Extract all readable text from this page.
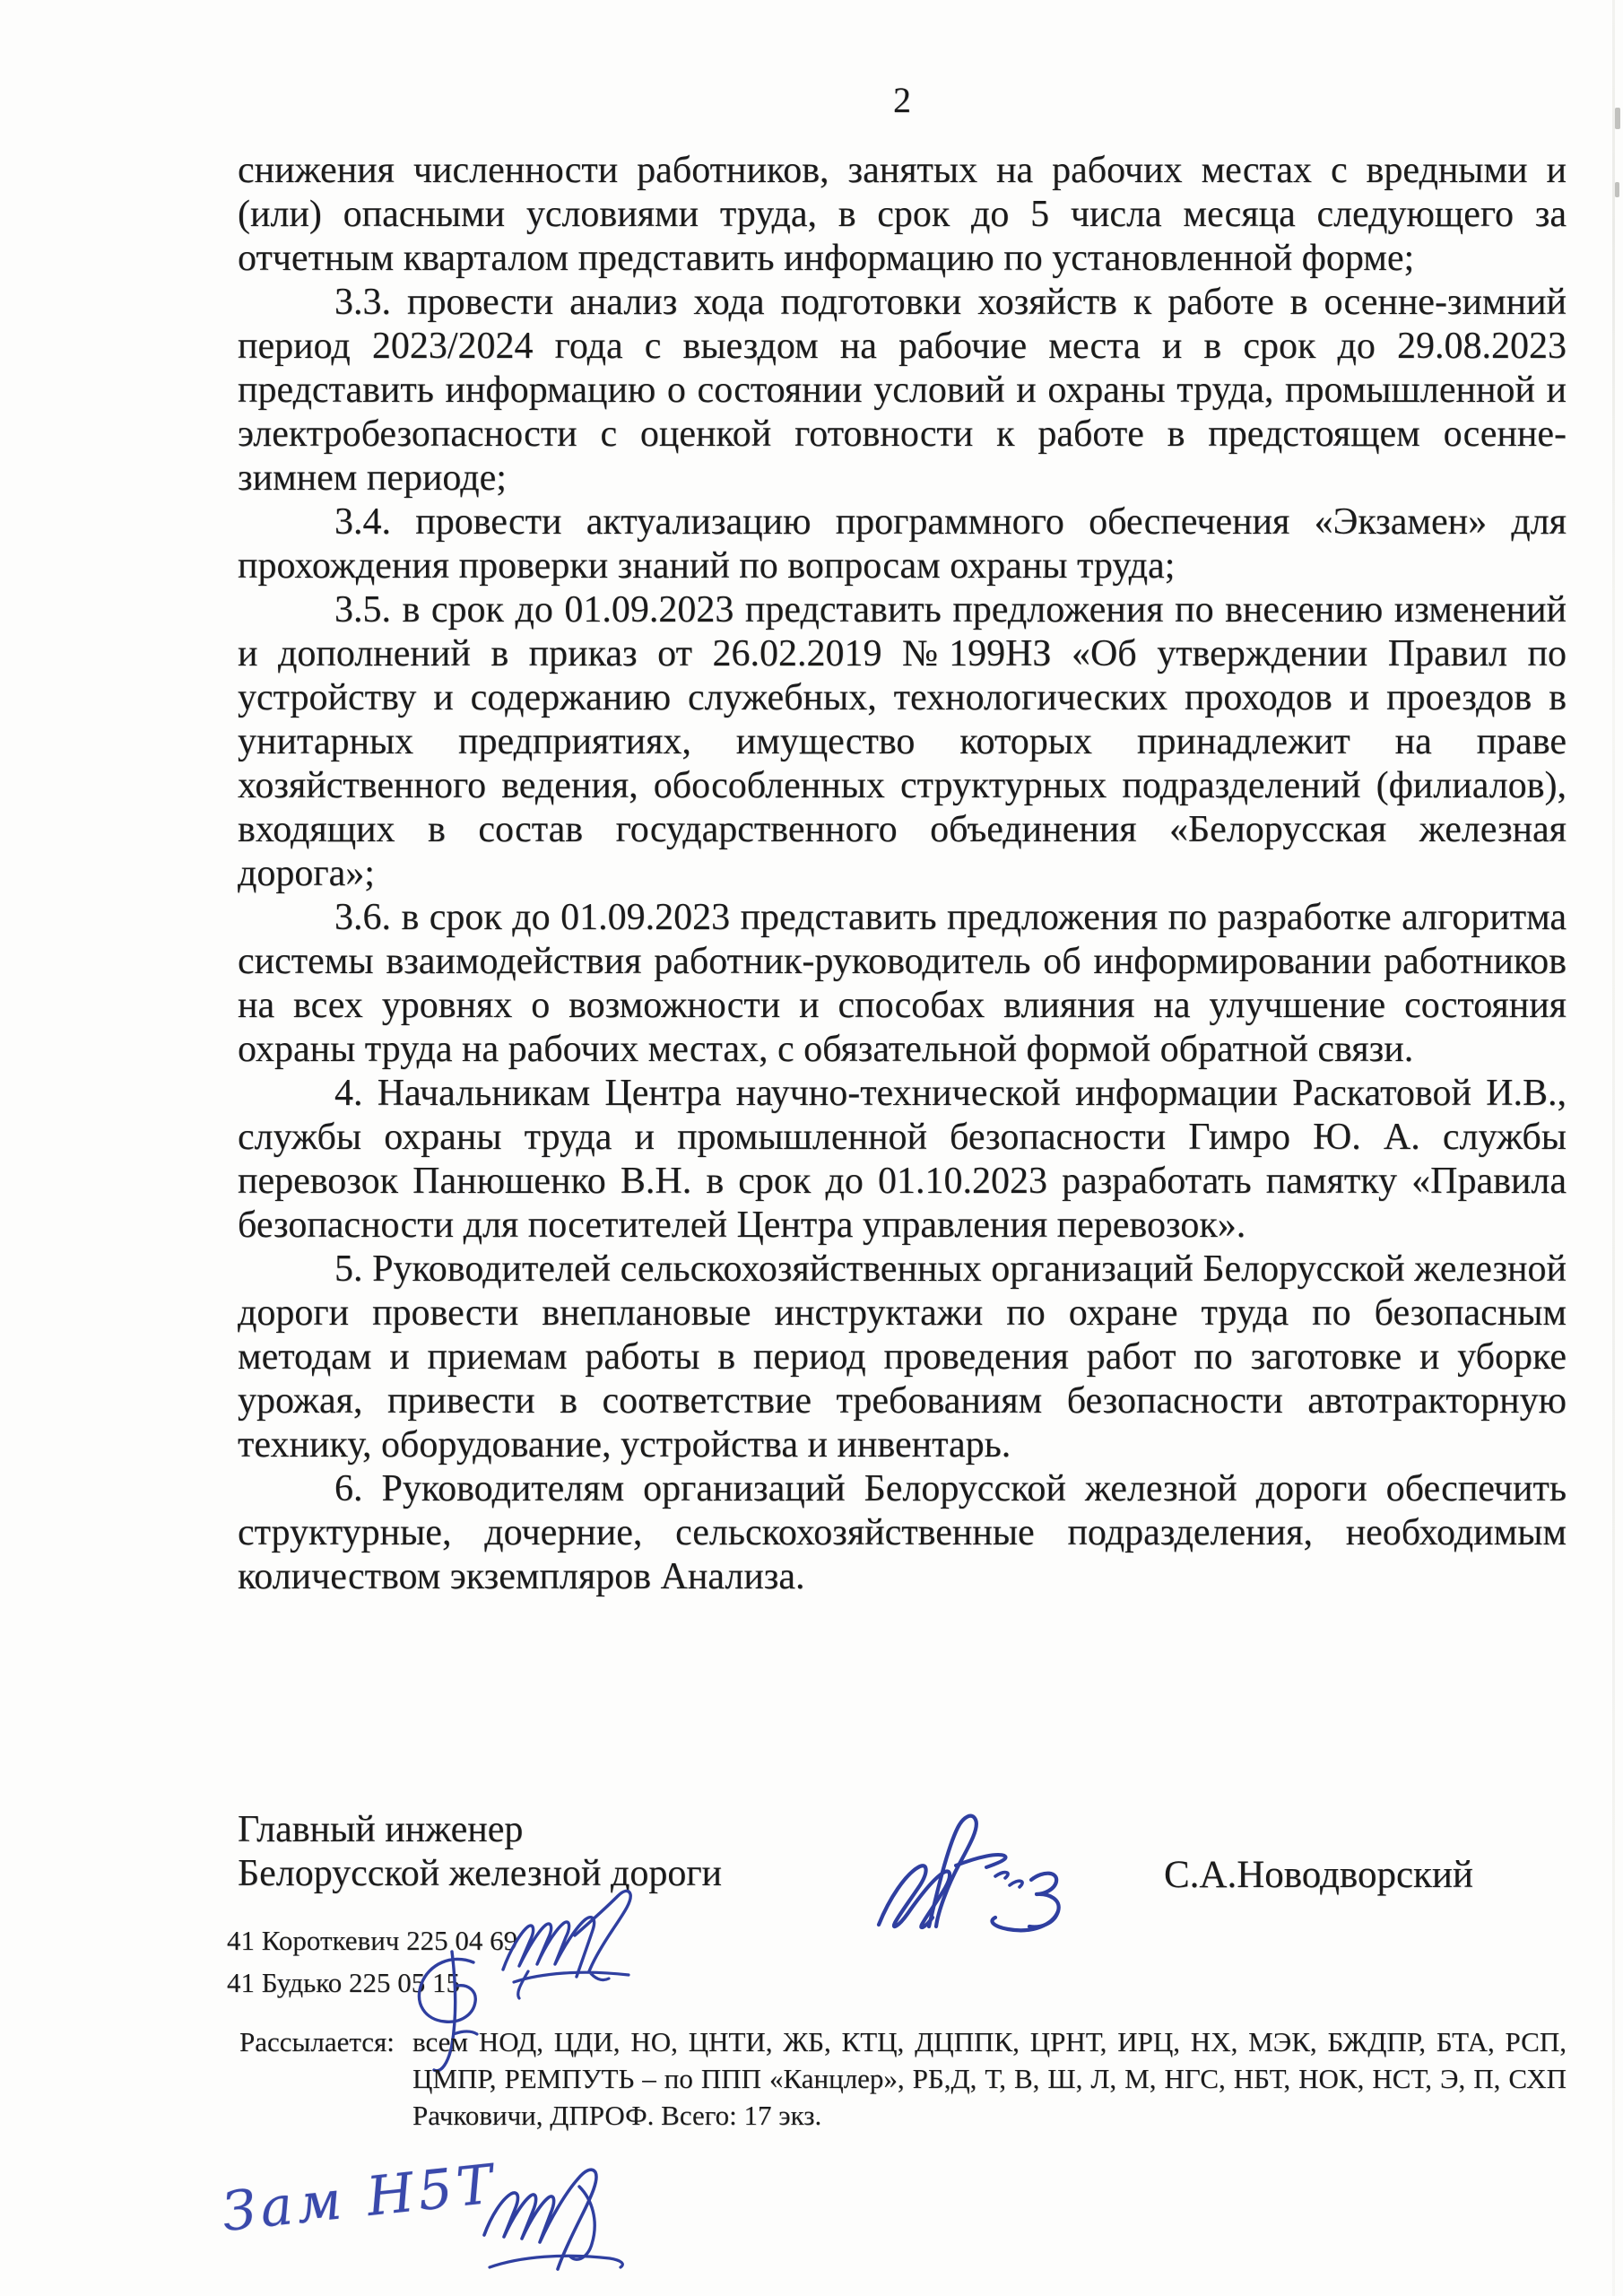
2

снижения численности работников, занятых на рабочих местах с вредными и (или) опасными условиями труда, в срок до 5 числа месяца следующего за отчетным кварталом представить информацию по установленной форме;

3.3. провести анализ хода подготовки хозяйств к работе в осенне-зимний период 2023/2024 года с выездом на рабочие места и в срок до 29.08.2023 представить информацию о состоянии условий и охраны труда, промышленной и электробезопасности с оценкой готовности к работе в предстоящем осенне-зимнем периоде;

3.4. провести актуализацию программного обеспечения «Экзамен» для прохождения проверки знаний по вопросам охраны труда;

3.5. в срок до 01.09.2023 представить предложения по внесению изменений и дополнений в приказ от 26.02.2019 №199НЗ «Об утверждении Правил по устройству и содержанию служебных, технологических проходов и проездов в унитарных предприятиях, имущество которых принадлежит на праве хозяйственного ведения, обособленных структурных подразделений (филиалов), входящих в состав государственного объединения «Белорусская железная дорога»;

3.6. в срок до 01.09.2023 представить предложения по разработке алгоритма системы взаимодействия работник-руководитель об информировании работников на всех уровнях о возможности и способах влияния на улучшение состояния охраны труда на рабочих местах, с обязательной формой обратной связи.

4. Начальникам Центра научно-технической информации Раскатовой И.В., службы охраны труда и промышленной безопасности Гимро Ю. А. службы перевозок Панюшенко В.Н. в срок до 01.10.2023 разработать памятку «Правила безопасности для посетителей Центра управления перевозок».

5. Руководителей сельскохозяйственных организаций Белорусской железной дороги провести внеплановые инструктажи по охране труда по безопасным методам и приемам работы в период проведения работ по заготовке и уборке урожая, привести в соответствие требованиям безопасности автотракторную технику, оборудование, устройства и инвентарь.

6. Руководителям организаций Белорусской железной дороги обеспечить структурные, дочерние, сельскохозяйственные подразделения, необходимым количеством экземпляров Анализа.

Главный инженер
Белорусской железной дороги	С.А.Новодворский
41 Короткевич 225 04 69
41 Будько 225 05 15
Рассылается: всем НОД, ЦДИ, НО, ЦНТИ, ЖБ, КТЦ, ДЦППК, ЦРНТ, ИРЦ, НХ, МЭК, БЖДПР, БТА, РСП, ЦМПР, РЕМПУТЬ – по ППП «Канцлер», РБ,Д, Т, В, Ш, Л, М, НГС, НБТ, НОК, НСТ, Э, П, СХП Рачковичи, ДПРОФ. Всего: 17 экз.
Зам Н5Т
